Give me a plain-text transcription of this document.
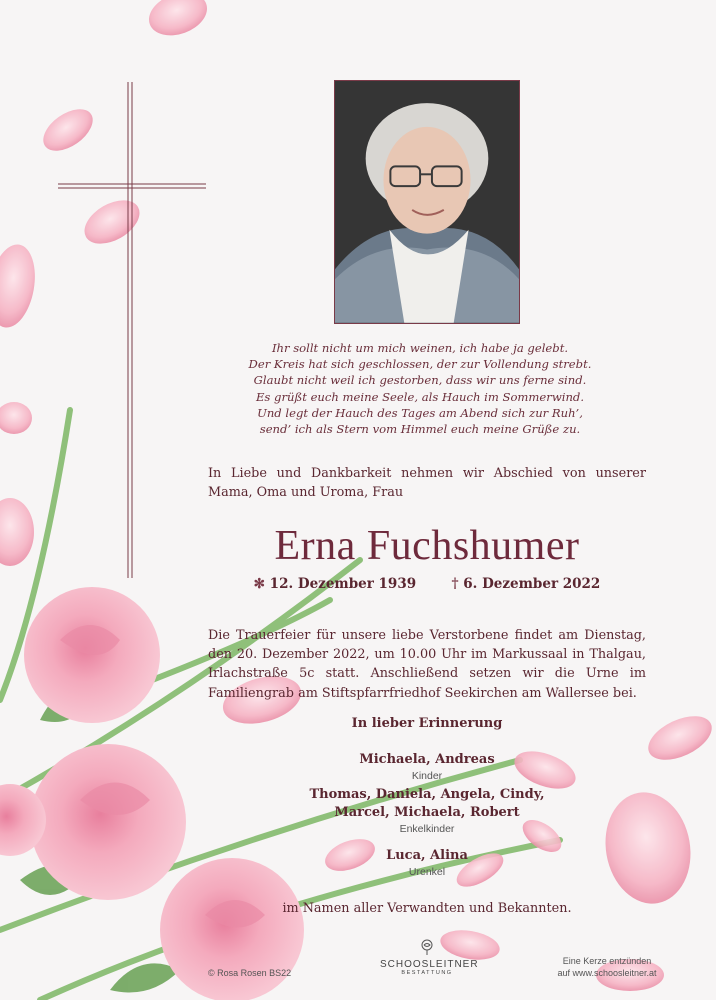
Ihr sollt nicht um mich weinen, ich habe ja gelebt.
Der Kreis hat sich geschlossen, der zur Vollendung strebt.
Glaubt nicht weil ich gestorben, dass wir uns ferne sind.
Es grüßt euch meine Seele, als Hauch im Sommerwind.
Und legt der Hauch des Tages am Abend sich zur Ruh’,
send’ ich als Stern vom Himmel euch meine Grüße zu.
In Liebe und Dankbarkeit nehmen wir Abschied von unserer Mama, Oma und Uroma, Frau
Erna Fuchshumer
✻ 12. Dezember 1939	† 6. Dezember 2022
Die Trauerfeier für unsere liebe Verstorbene findet am Dienstag, den 20. Dezember 2022, um 10.00 Uhr im Markussaal in Thalgau, Irlachstraße 5c statt. Anschließend setzen wir die Urne im Familiengrab am Stiftspfarrfriedhof Seekirchen am Wallersee bei.
In lieber Erinnerung
Michaela, Andreas
Kinder
Thomas, Daniela, Angela, Cindy,
Marcel, Michaela, Robert
Enkelkinder
Luca, Alina
Urenkel
im Namen aller Verwandten und Bekannten.
© Rosa Rosen BS22
SCHOOSLEITNER
BESTATTUNG
Eine Kerze entzünden
auf www.schoosleitner.at
